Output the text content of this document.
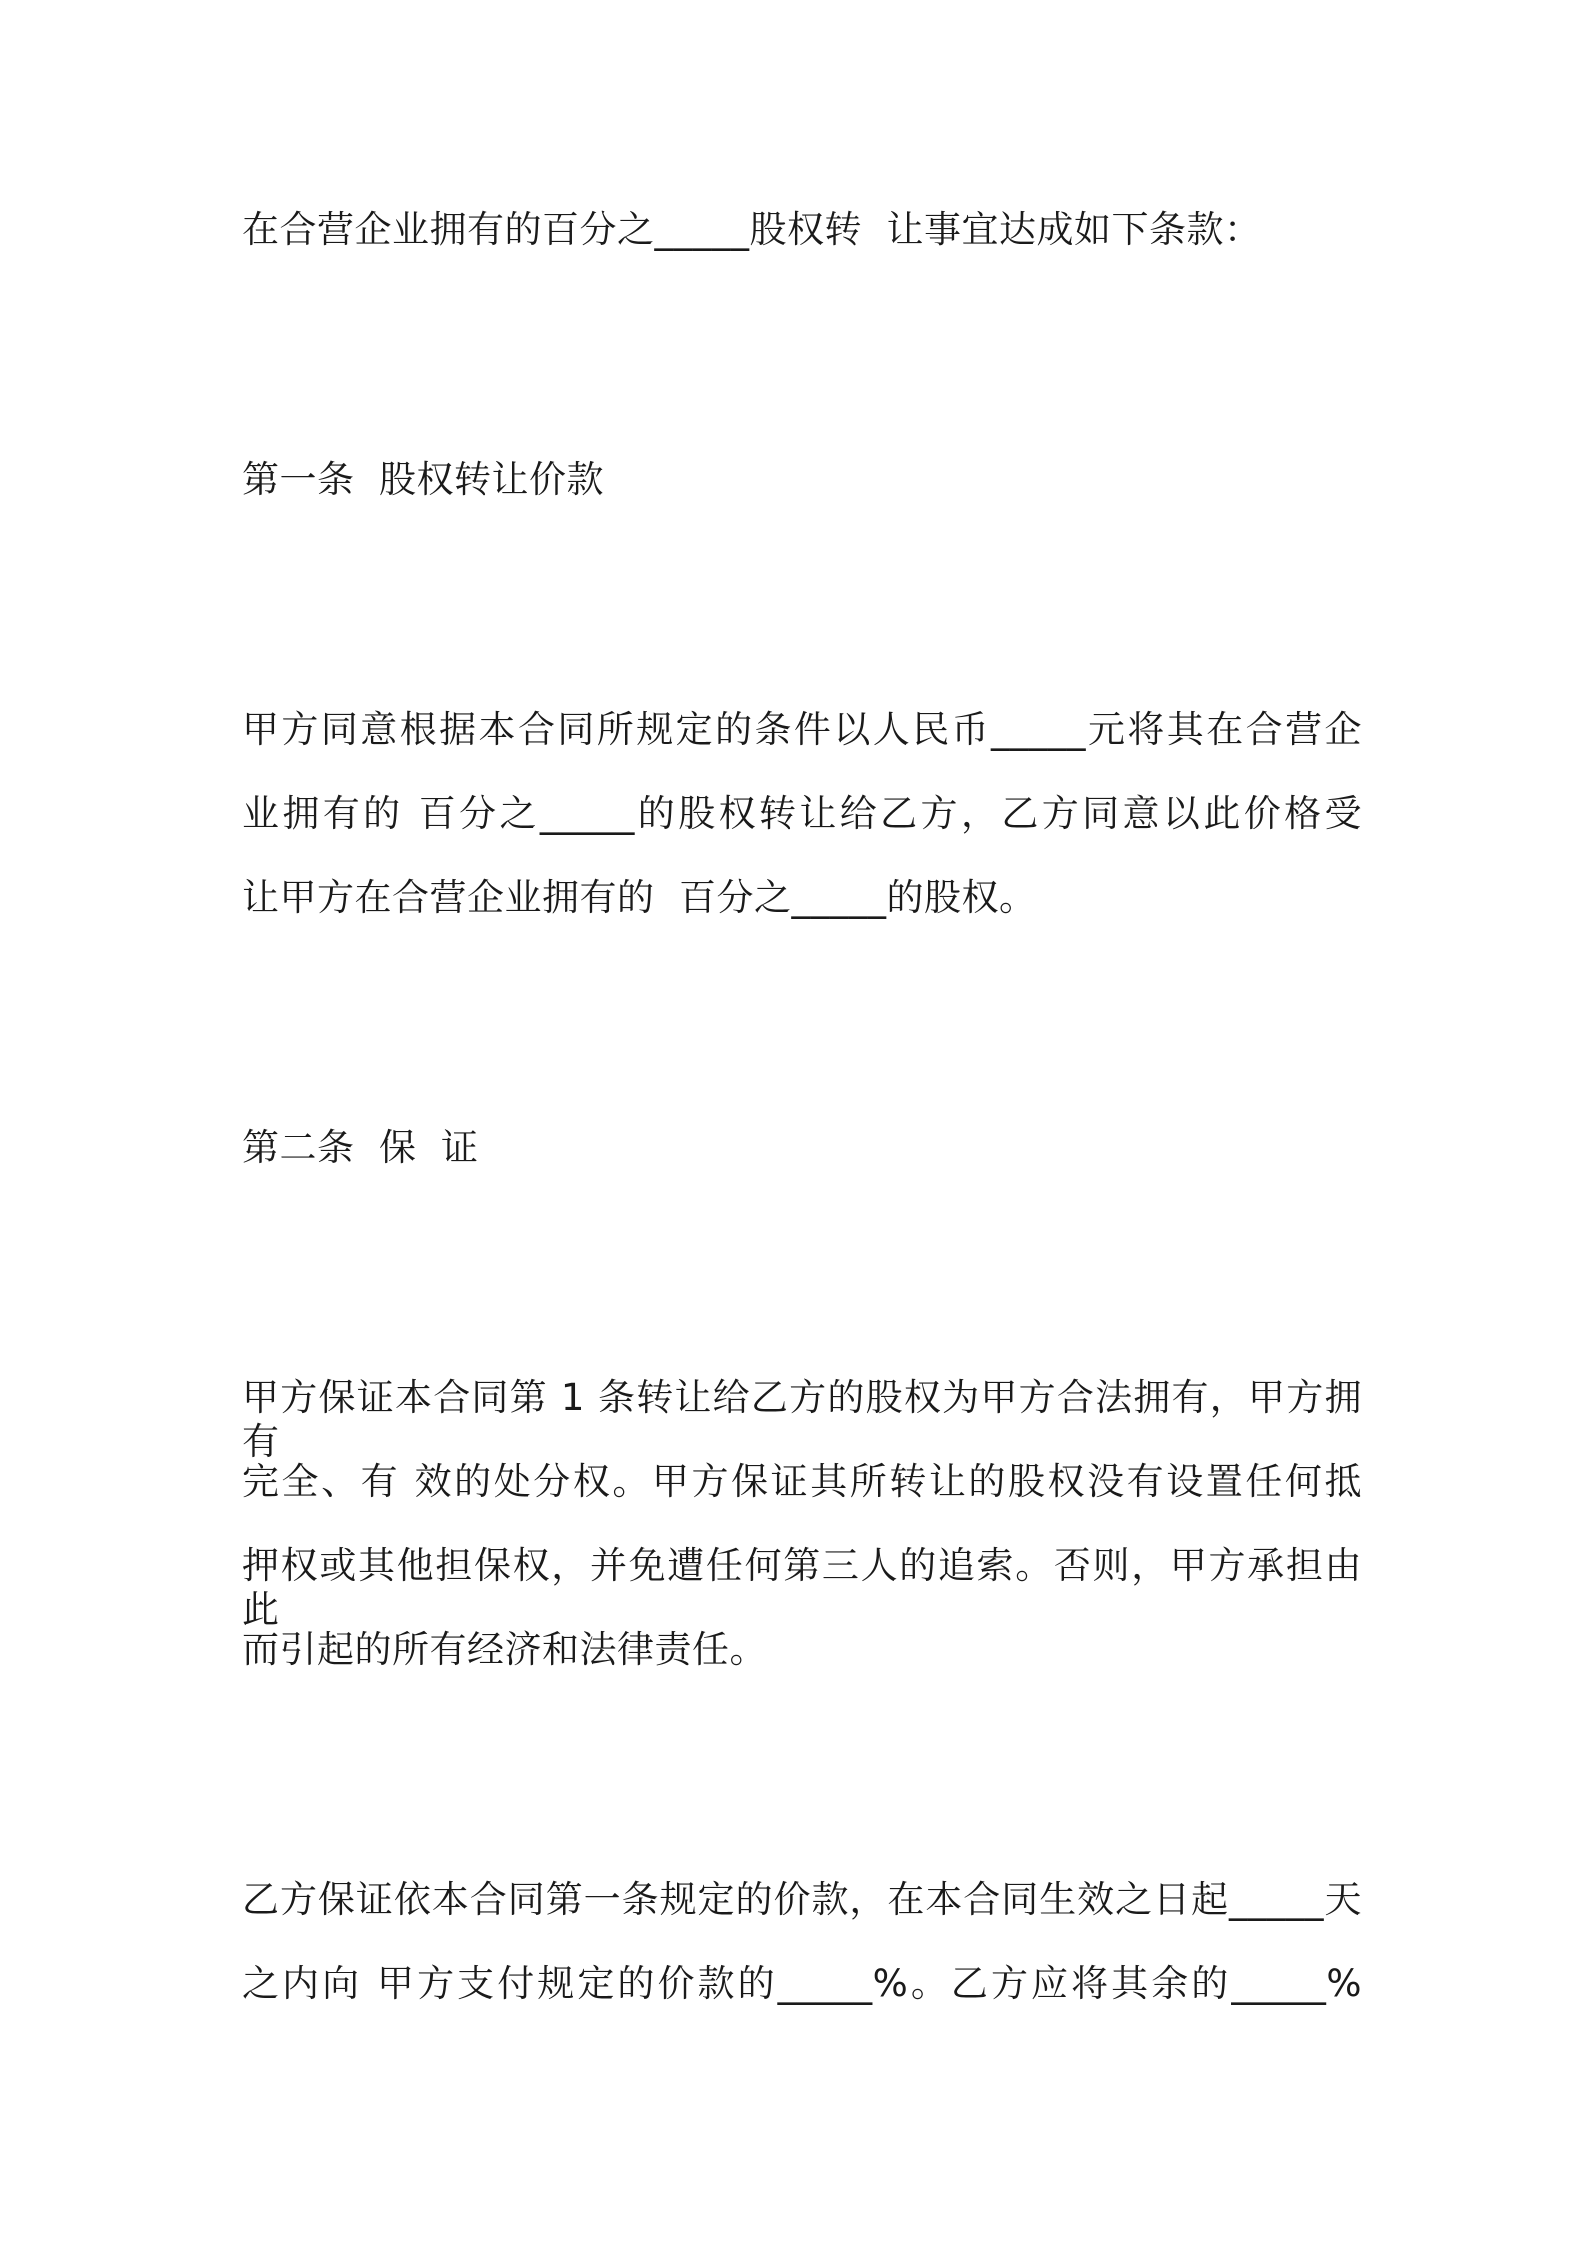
在合营企业拥有的百分之_____股权转  让事宜达成如下条款：
第一条  股权转让价款
甲方同意根据本合同所规定的条件以人民币_____元将其在合营企
业拥有的 百分之_____的股权转让给乙方，乙方同意以此价格受
让甲方在合营企业拥有的  百分之_____的股权。
第二条  保  证
甲方保证本合同第 1 条转让给乙方的股权为甲方合法拥有，甲方拥有
完全、有 效的处分权。甲方保证其所转让的股权没有设置任何抵
押权或其他担保权，并免遭任何第三人的追索。否则，甲方承担由此
而引起的所有经济和法律责任。
乙方保证依本合同第一条规定的价款，在本合同生效之日起_____天
之内向 甲方支付规定的价款的_____%。乙方应将其余的_____%
